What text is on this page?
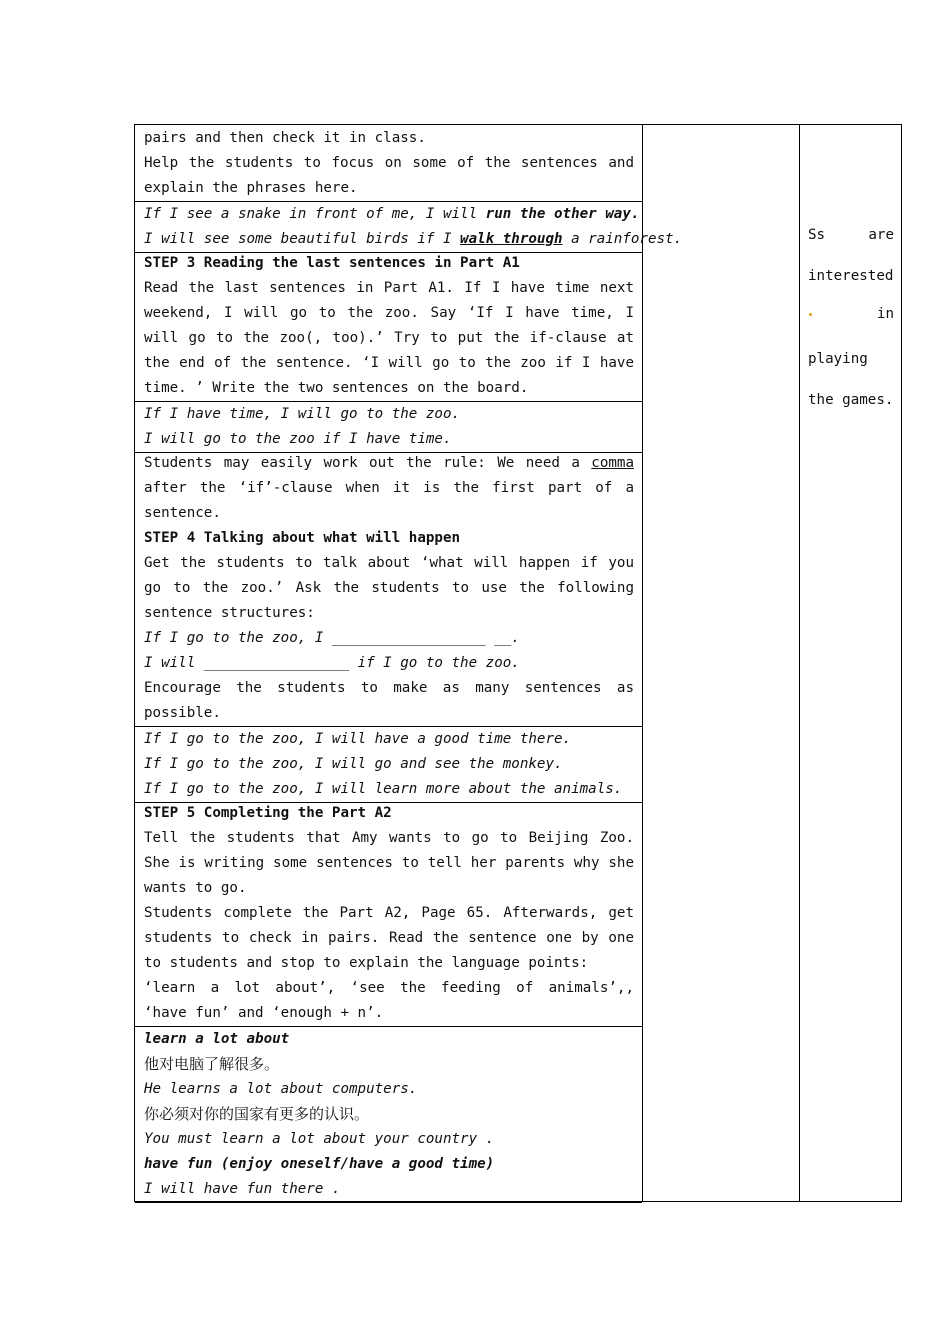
pairs and then check it in class.
Help the students to focus on some of the sentences and
explain the phrases here.
If I see a snake in front of me, I will run the other way.
I will see some beautiful birds if I walk through a rainforest.
STEP 3 Reading the last sentences in Part A1
Read the last sentences in Part A1. If I have time next
weekend, I will go to the zoo. Say ‘If I have time, I
will go to the zoo(, too).’ Try to put the if-clause at
the end of the sentence. ‘I will go to the zoo if I have
time. ’ Write the two sentences on the board.
If I have time, I will go to the zoo.
I will go to the zoo if I have time.
Students may easily work out the rule: We need a comma
after the ‘if’-clause when it is the first part of a
sentence.
STEP 4 Talking about what will happen
Get the students to talk about ‘what will happen if you
go to the zoo.’ Ask the students to use the following
sentence structures:
If I go to the zoo, I __________________ __.
I will _________________ if I go to the zoo.
Encourage the students to make as many sentences as
possible.
If I go to the zoo, I will have a good time there.
If I go to the zoo, I will go and see the monkey.
If I go to the zoo, I will learn more about the animals.
STEP 5 Completing the Part A2
Tell the students that Amy wants to go to Beijing Zoo.
She is writing some sentences to tell her parents why she
wants to go.
Students complete the Part A2, Page 65. Afterwards, get
students to check in pairs. Read the sentence one by one
to students and stop to explain the language points:
‘learn a lot about’, ‘see the feeding of animals’,,
‘have fun’ and ‘enough + n’.
learn a lot about
他对电脑了解很多。
He learns a lot about computers.
你必须对你的国家有更多的认识。
You must learn a lot about your country .
have fun (enjoy oneself/have a good time)
I will have fun there .
Ss	are
interested
in
playing
the games.
